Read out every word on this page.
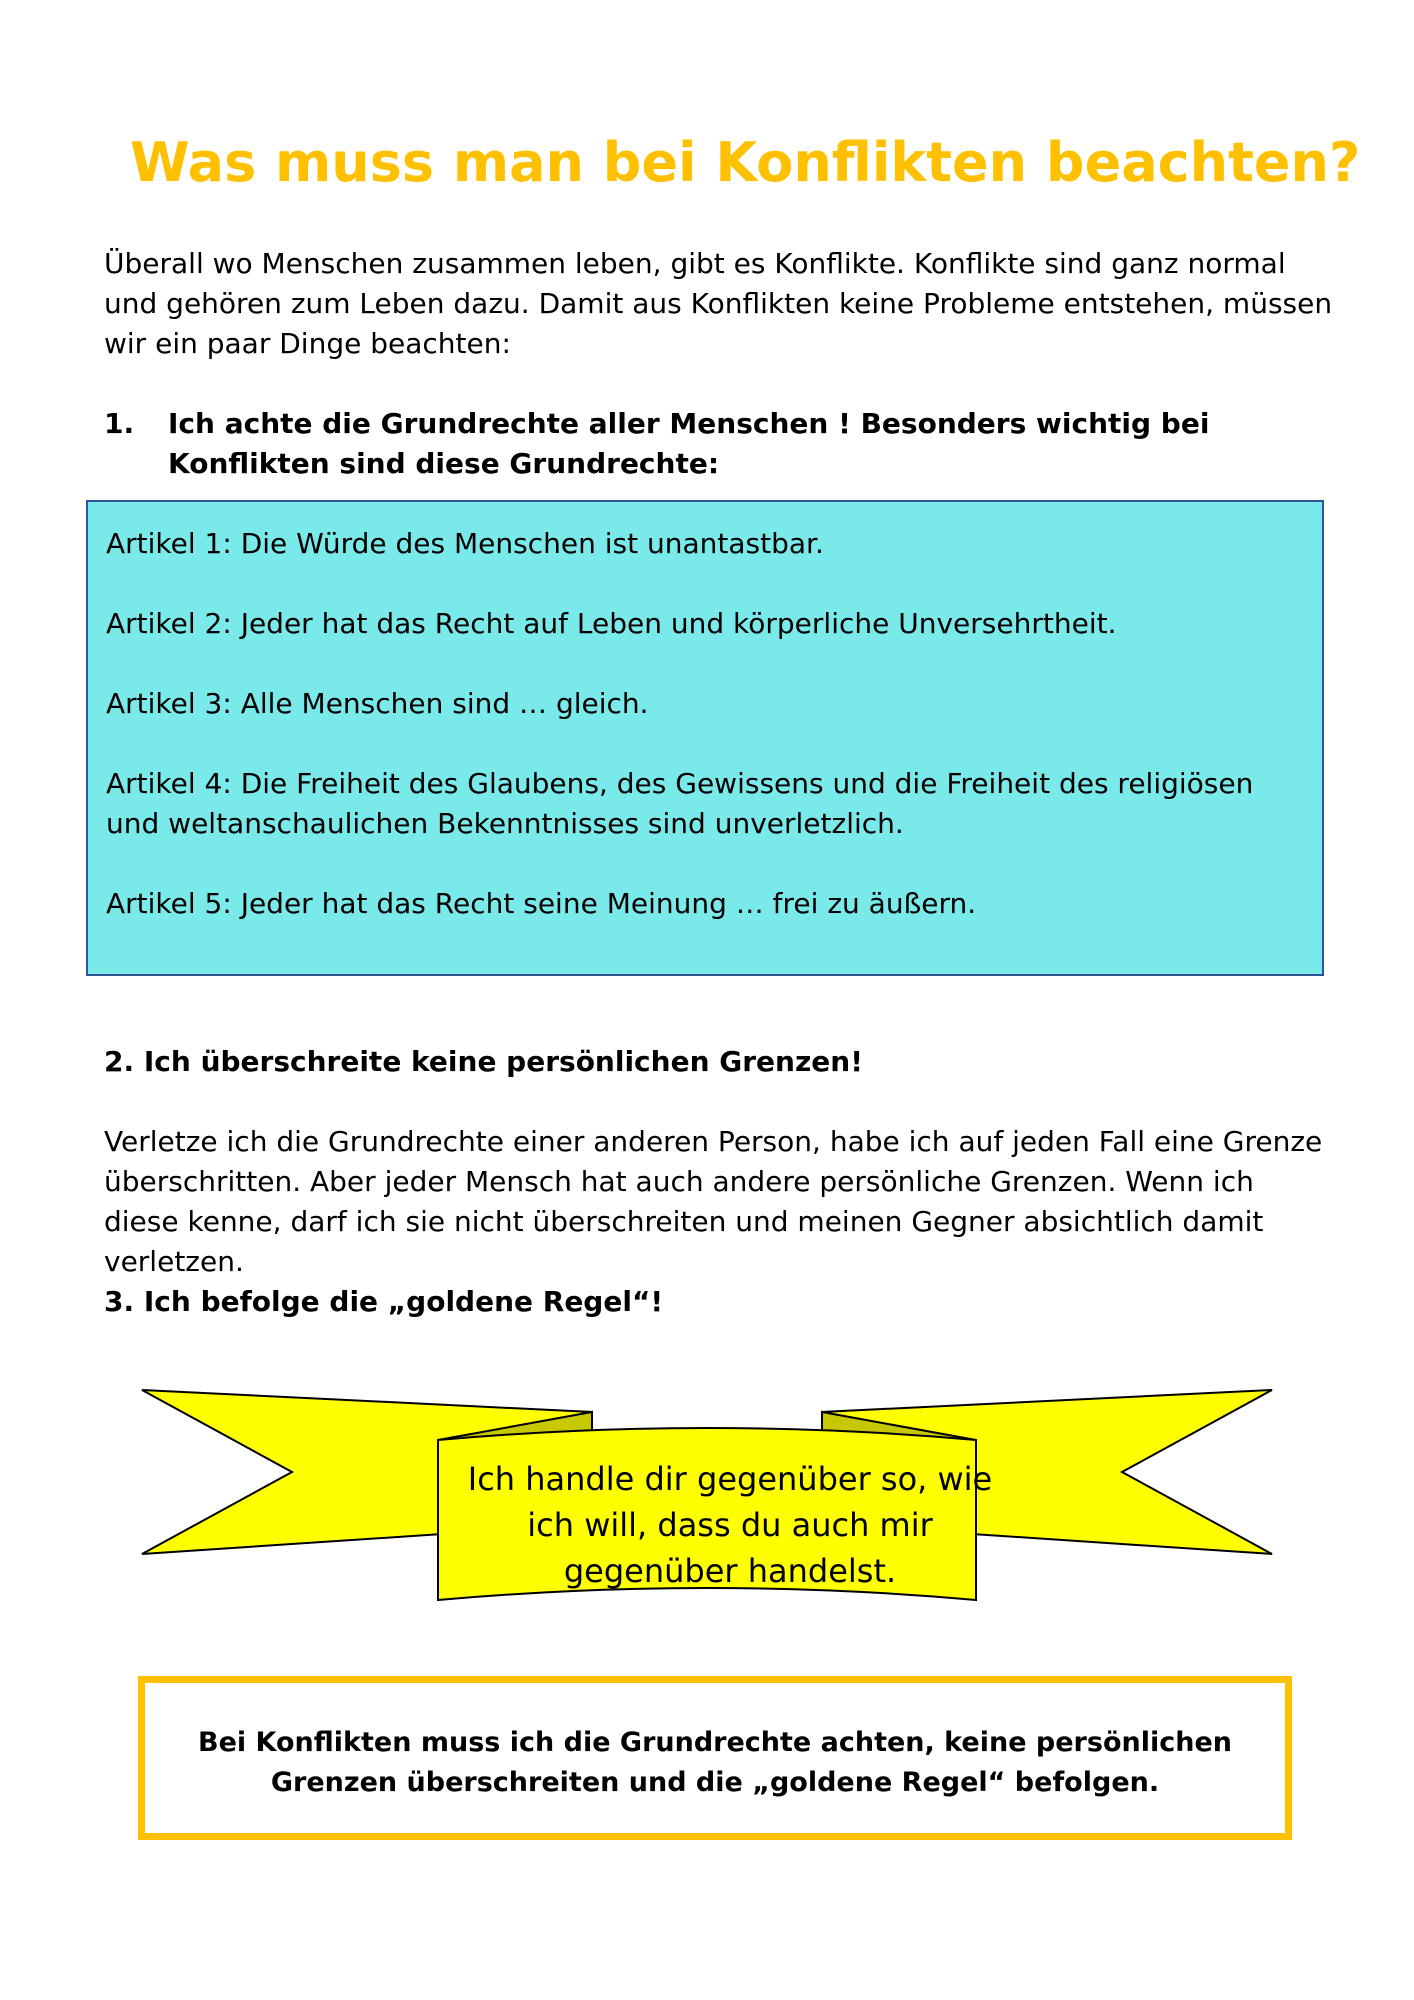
Was muss man bei Konflikten beachten?

Überall wo Menschen zusammen leben, gibt es Konflikte. Konflikte sind ganz normal und gehören zum Leben dazu. Damit aus Konflikten keine Probleme entstehen, müssen wir ein paar Dinge beachten:

1. Ich achte die Grundrechte aller Menschen ! Besonders wichtig bei Konflikten sind diese Grundrechte:

Artikel 1: Die Würde des Menschen ist unantastbar.

Artikel 2: Jeder hat das Recht auf Leben und körperliche Unversehrtheit.

Artikel 3: Alle Menschen sind … gleich.

Artikel 4: Die Freiheit des Glaubens, des Gewissens und die Freiheit des religiösen und weltanschaulichen Bekenntnisses sind unverletzlich.

Artikel 5: Jeder hat das Recht seine Meinung … frei zu äußern.

2. Ich überschreite keine persönlichen Grenzen!

Verletze ich die Grundrechte einer anderen Person, habe ich auf jeden Fall eine Grenze überschritten. Aber jeder Mensch hat auch andere persönliche Grenzen. Wenn ich diese kenne, darf ich sie nicht überschreiten und meinen Gegner absichtlich damit verletzen.

3. Ich befolge die „goldene Regel“!

Ich handle dir gegenüber so, wie ich will, dass du auch mir gegenüber handelst.

Bei Konflikten muss ich die Grundrechte achten, keine persönlichen Grenzen überschreiten und die „goldene Regel“ befolgen.
